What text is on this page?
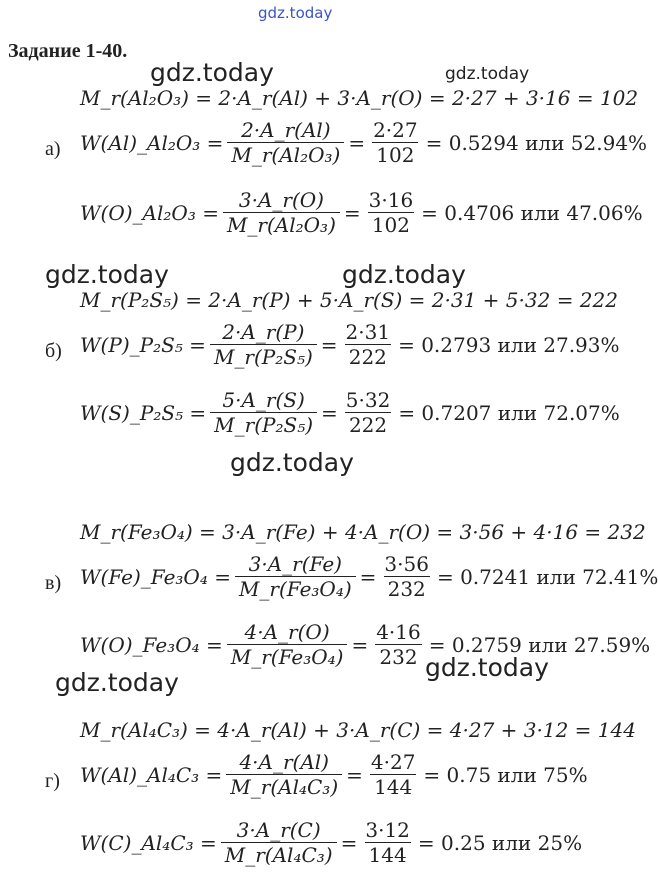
gdz.today
gdz.today	gdz.today
gdz.today	gdz.today
gdz.today
gdz.today
gdz.today
Задание 1-40.
M_r(Al₂O₃) = 2·A_r(Al) + 3·A_r(O) = 2·27 + 3·16 = 102
а) W(Al)_Al₂O₃ = $\frac{2\cdot A\_r(Al)}{\text{M\_r(Al₂O₃)}} = \frac{2\cdot 27}{102} = 0.5294$ или 52.94%
W(O)_Al₂O₃ = $\frac{3\cdot A\_r(O)}{\text{M\_r(Al₂O₃)}} = \frac{3\cdot 16}{102} = 0.4706$ или 47.06%
M_r(P₂S₅) = 2·A_r(P) + 5·A_r(S) = 2·31 + 5·32 = 222
б) W(P)_P₂S₅ = $\frac{2\cdot A\_r(P)}{\text{M\_r(P₂S₅)}} = \frac{2\cdot 31}{222} = 0.2793$ или 27.93%
W(S)_P₂S₅ = $\frac{5\cdot A\_r(S)}{\text{M\_r(P₂S₅)}} = \frac{5\cdot 32}{222} = 0.7207$ или 72.07%
M_r(Fe₃O₄) = 3·A_r(Fe) + 4·A_r(O) = 3·56 + 4·16 = 232
в) W(Fe)_Fe₃O₄ = $\frac{3\cdot A\_r(Fe)}{\text{M\_r(Fe₃O₄)}} = \frac{3\cdot 56}{232} = 0.7241$ или 72.41%
W(O)_Fe₃O₄ = $\frac{4\cdot A\_r(O)}{\text{M\_r(Fe₃O₄)}} = \frac{4\cdot 16}{232} = 0.2759$ или 27.59%
M_r(Al₄C₃) = 4·A_r(Al) + 3·A_r(C) = 4·27 + 3·12 = 144
г) W(Al)_Al₄C₃ = $\frac{4\cdot A\_r(Al)}{\text{M\_r(Al₄C₃)}} = \frac{4\cdot 27}{144} = 0.75$ или 75%
W(C)_Al₄C₃ = $\frac{3\cdot A\_r(C)}{\text{M\_r(Al₄C₃)}} = \frac{3\cdot 12}{144} = 0.25$ или 25%
